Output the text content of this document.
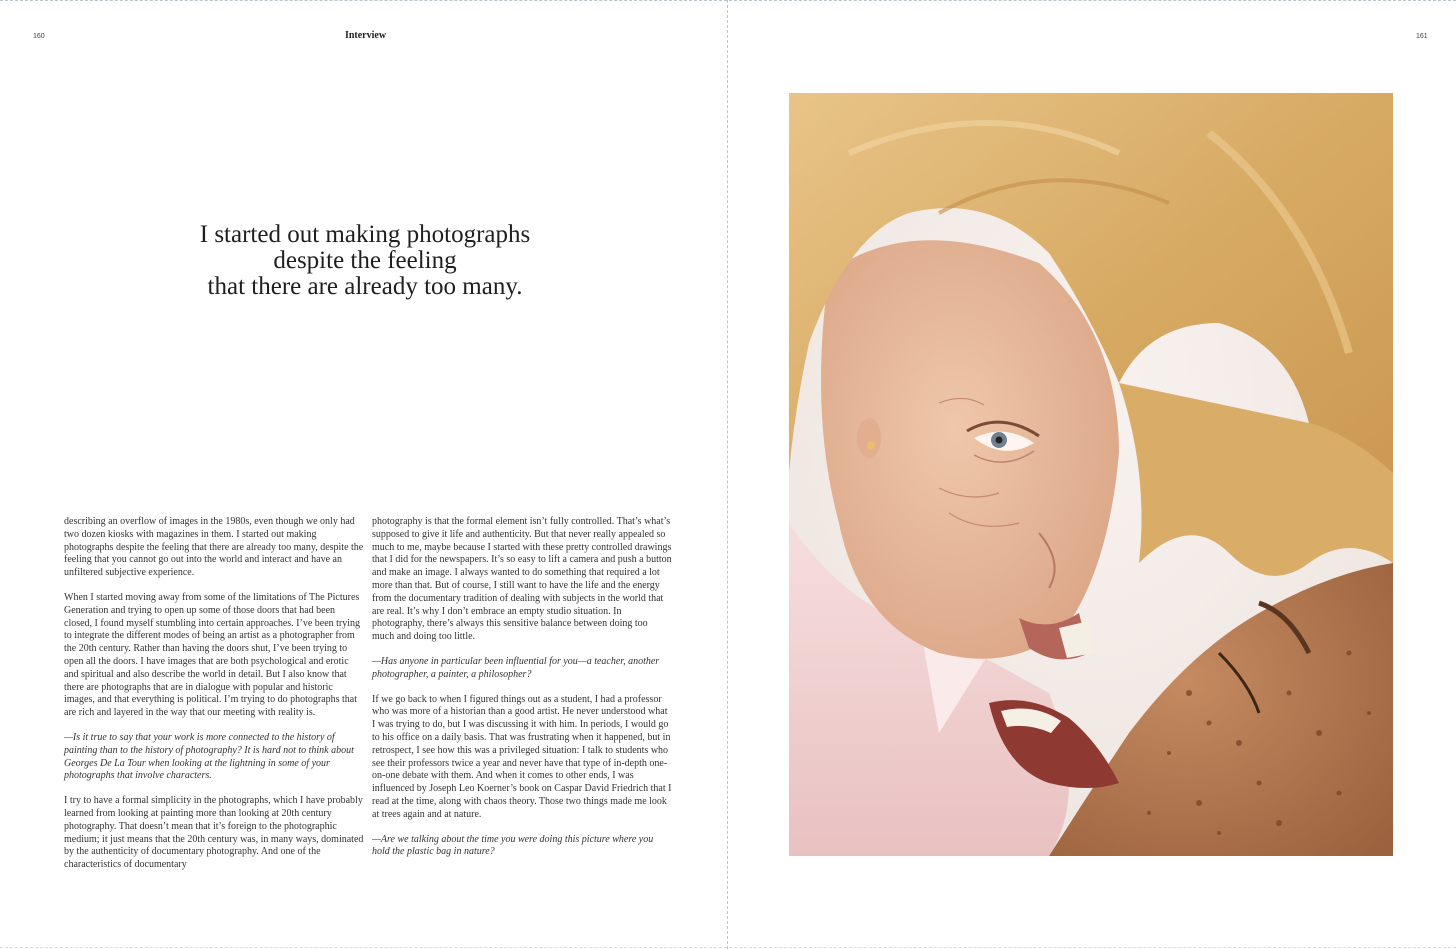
160	Interview
I started out making photographs
despite the feeling
that there are already too many.

describing an overflow of images in the 1980s, even though we only had two dozen kiosks with magazines in them. I started out making photographs despite the feeling that there are already too many, despite the feeling that you cannot go out into the world and interact and have an unfiltered subjective experience.

When I started moving away from some of the limitations of The Pictures Generation and trying to open up some of those doors that had been closed, I found myself stumbling into certain approaches. I’ve been trying to integrate the different modes of being an artist as a photographer from the 20th century. Rather than having the doors shut, I’ve been trying to open all the doors. I have images that are both psychological and erotic and spiritual and also describe the world in detail. But I also know that there are photographs that are in dialogue with popular and historic images, and that everything is political. I’m trying to do photographs that are rich and layered in the way that our meeting with reality is.

—Is it true to say that your work is more connected to the history of painting than to the history of photography? It is hard not to think about Georges De La Tour when looking at the lightning in some of your photographs that involve characters.

I try to have a formal simplicity in the photographs, which I have probably learned from looking at painting more than looking at 20th century photography. That doesn’t mean that it’s foreign to the photographic medium; it just means that the 20th century was, in many ways, dominated by the authenticity of documentary photography. And one of the characteristics of documentary

photography is that the formal element isn’t fully controlled. That’s what’s supposed to give it life and authenticity. But that never really appealed so much to me, maybe because I started with these pretty controlled drawings that I did for the newspapers. It’s so easy to lift a camera and push a button and make an image. I always wanted to do something that required a lot more than that. But of course, I still want to have the life and the energy from the documentary tradition of dealing with subjects in the world that are real. It’s why I don’t embrace an empty studio situation. In photography, there’s always this sensitive balance between doing too much and doing too little.

—Has anyone in particular been influential for you—a teacher, another photographer, a painter, a philosopher?

If we go back to when I figured things out as a student, I had a professor who was more of a historian than a good artist. He never understood what I was trying to do, but I was discussing it with him. In periods, I would go to his office on a daily basis. That was frustrating when it happened, but in retrospect, I see how this was a privileged situation: I talk to students who see their professors twice a year and never have that type of in-depth one-on-one debate with them. And when it comes to other ends, I was influenced by Joseph Leo Koerner’s book on Caspar David Friedrich that I read at the time, along with chaos theory. Those two things made me look at trees again and at nature.

—Are we talking about the time you were doing this picture where you hold the plastic bag in nature?

161
